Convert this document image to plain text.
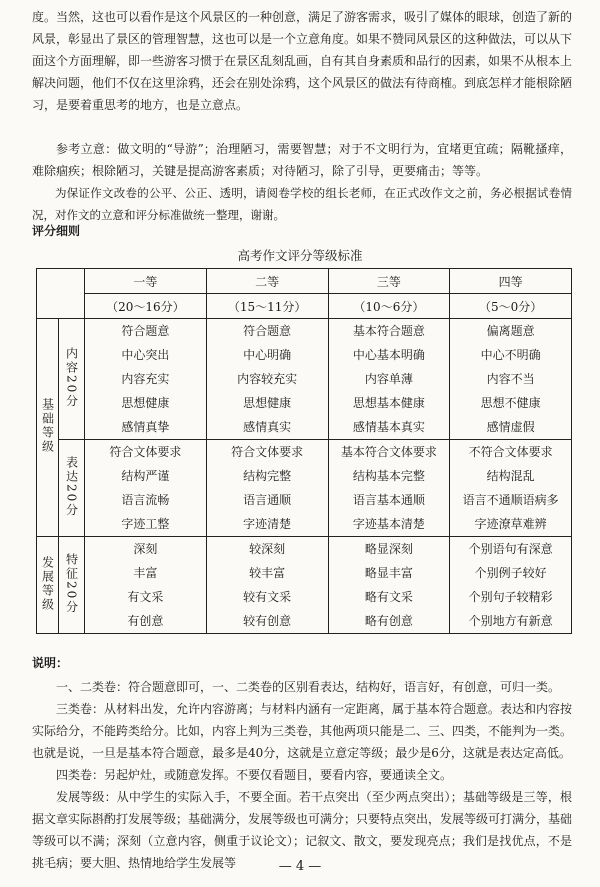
度。当然，这也可以看作是这个风景区的一种创意，满足了游客需求，吸引了媒体的眼球，创造了新的风景，彰显出了景区的管理智慧，这也可以是一个立意角度。如果不赞同风景区的这种做法，可以从下面这个方面理解，即一些游客习惯于在景区乱刻乱画，自有其自身素质和品行的因素，如果不从根本上解决问题，他们不仅在这里涂鸦，还会在别处涂鸦，这个风景区的做法有待商榷。到底怎样才能根除陋习，是要着重思考的地方，也是立意点。

参考立意：做文明的“导游”；治理陋习，需要智慧；对于不文明行为，宜堵更宜疏；隔靴搔痒，难除痼疾；根除陋习，关键是提高游客素质；对待陋习，除了引导，更要痛击；等等。

为保证作文改卷的公平、公正、透明，请阅卷学校的组长老师，在正式改作文之前，务必根据试卷情况，对作文的立意和评分标准做统一整理，谢谢。

评分细则

高考作文评分等级标准

		一等	二等	三等	四等
		（20～16分）	（15～11分）	（10～6分）	（5～0分）
基础等级	内容20分	符合题意
中心突出
内容充实
思想健康
感情真挚	符合题意
中心明确
内容较充实
思想健康
感情真实	基本符合题意
中心基本明确
内容单薄
思想基本健康
感情基本真实	偏离题意
中心不明确
内容不当
思想不健康
感情虚假

	表达20分	符合文体要求
结构严谨
语言流畅
字迹工整	符合文体要求
结构完整
语言通顺
字迹清楚	基本符合文体要求
结构基本完整
语言基本通顺
字迹基本清楚	不符合文体要求
结构混乱
语言不通顺语病多
字迹潦草难辨

发展等级	特征20分	深刻
丰富
有文采
有创意	较深刻
较丰富
较有文采
较有创意	略显深刻
略显丰富
略有文采
略有创意	个别语句有深意
个别例子较好
个别句子较精彩
个别地方有新意

说明：

一、二类卷：符合题意即可，一、二类卷的区别看表达，结构好，语言好，有创意，可归一类。

三类卷：从材料出发，允许内容游离；与材料内涵有一定距离，属于基本符合题意。表达和内容按实际给分，不能跨类给分。比如，内容上判为三类卷，其他两项只能是二、三、四类，不能判为一类。也就是说，一旦是基本符合题意，最多是40分，这就是立意定等级；最少是6分，这就是表达定高低。

四类卷：另起炉灶，或随意发挥。不要仅看题目，要看内容，要通读全文。

发展等级：从中学生的实际入手，不要全面。若干点突出（至少两点突出）；基础等级是三等，根据文章实际斟酌打发展等级；基础满分，发展等级也可满分；只要特点突出，发展等级可打满分，基础等级可以不满；深刻（立意内容，侧重于议论文）；记叙文、散文，要发现亮点；我们是找优点，不是挑毛病；要大胆、热情地给学生发展等	— 4 —
